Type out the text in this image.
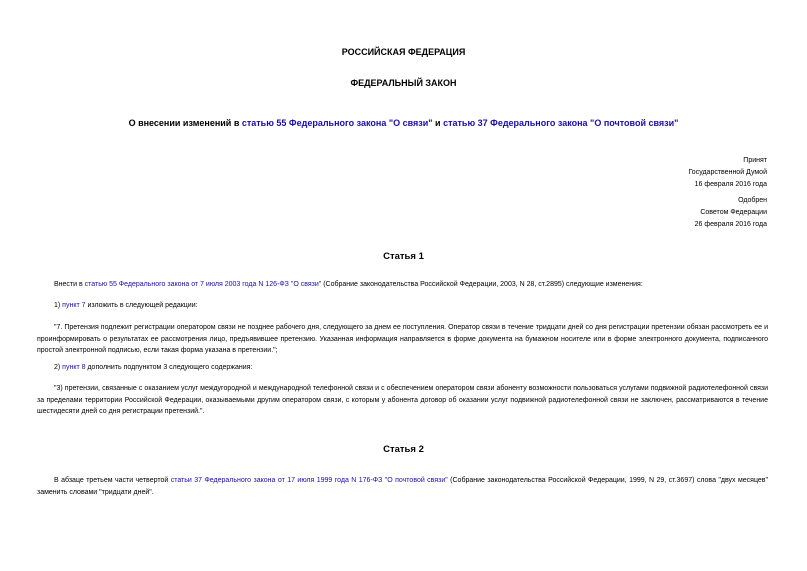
РОССИЙСКАЯ ФЕДЕРАЦИЯ
ФЕДЕРАЛЬНЫЙ ЗАКОН
О внесении изменений в статью 55 Федерального закона "О связи" и статью 37 Федерального закона "О почтовой связи"
Принят
Государственной Думой
16 февраля 2016 года
Одобрен
Советом Федерации
26 февраля 2016 года
Статья 1
Внести в статью 55 Федерального закона от 7 июля 2003 года N 126-ФЗ "О связи" (Собрание законодательства Российской Федерации, 2003, N 28, ст.2895) следующие изменения:
1) пункт 7 изложить в следующей редакции:
"7. Претензия подлежит регистрации оператором связи не позднее рабочего дня, следующего за днем ее поступления. Оператор связи в течение тридцати дней со дня регистрации претензии обязан рассмотреть ее и проинформировать о результатах ее рассмотрения лицо, предъявившее претензию. Указанная информация направляется в форме документа на бумажном носителе или в форме электронного документа, подписанного простой электронной подписью, если такая форма указана в претензии.";
2) пункт 8 дополнить подпунктом 3 следующего содержания:
"3) претензии, связанные с оказанием услуг междугородной и международной телефонной связи и с обеспечением оператором связи абоненту возможности пользоваться услугами подвижной радиотелефонной связи за пределами территории Российской Федерации, оказываемыми другим оператором связи, с которым у абонента договор об оказании услуг подвижной радиотелефонной связи не заключен, рассматриваются в течение шестидесяти дней со дня регистрации претензий.".
Статья 2
В абзаце третьем части четвертой статьи 37 Федерального закона от 17 июля 1999 года N 176-ФЗ "О почтовой связи" (Собрание законодательства Российской Федерации, 1999, N 29, ст.3697) слова "двух месяцев" заменить словами "тридцати дней".
